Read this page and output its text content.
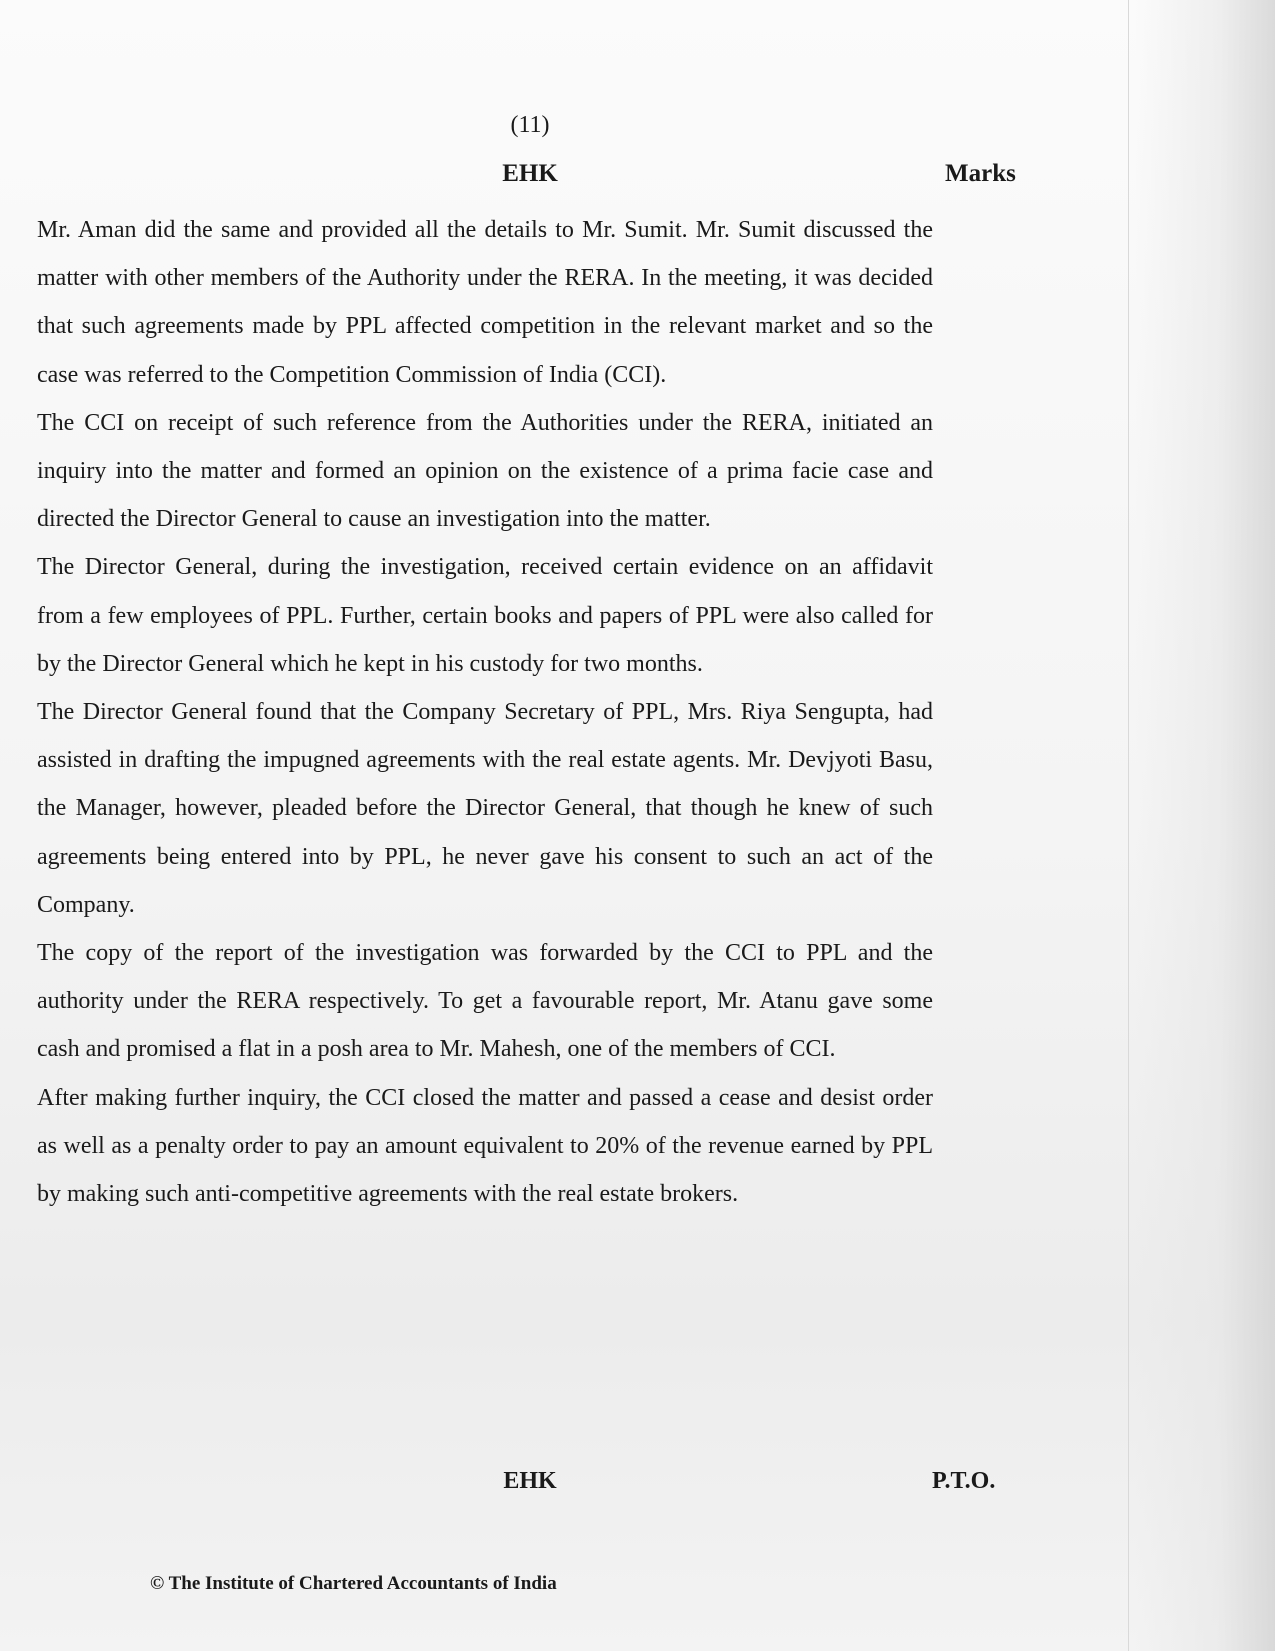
(11)
EHK	Marks

Mr. Aman did the same and provided all the details to Mr. Sumit. Mr. Sumit discussed the matter with other members of the Authority under the RERA. In the meeting, it was decided that such agreements made by PPL affected competition in the relevant market and so the case was referred to the Competition Commission of India (CCI).

The CCI on receipt of such reference from the Authorities under the RERA, initiated an inquiry into the matter and formed an opinion on the existence of a prima facie case and directed the Director General to cause an investigation into the matter.

The Director General, during the investigation, received certain evidence on an affidavit from a few employees of PPL. Further, certain books and papers of PPL were also called for by the Director General which he kept in his custody for two months.

The Director General found that the Company Secretary of PPL, Mrs. Riya Sengupta, had assisted in drafting the impugned agreements with the real estate agents. Mr. Devjyoti Basu, the Manager, however, pleaded before the Director General, that though he knew of such agreements being entered into by PPL, he never gave his consent to such an act of the Company.

The copy of the report of the investigation was forwarded by the CCI to PPL and the authority under the RERA respectively. To get a favourable report, Mr. Atanu gave some cash and promised a flat in a posh area to Mr. Mahesh, one of the members of CCI.

After making further inquiry, the CCI closed the matter and passed a cease and desist order as well as a penalty order to pay an amount equivalent to 20% of the revenue earned by PPL by making such anti-competitive agreements with the real estate brokers.

EHK	P.T.O.
© The Institute of Chartered Accountants of India
